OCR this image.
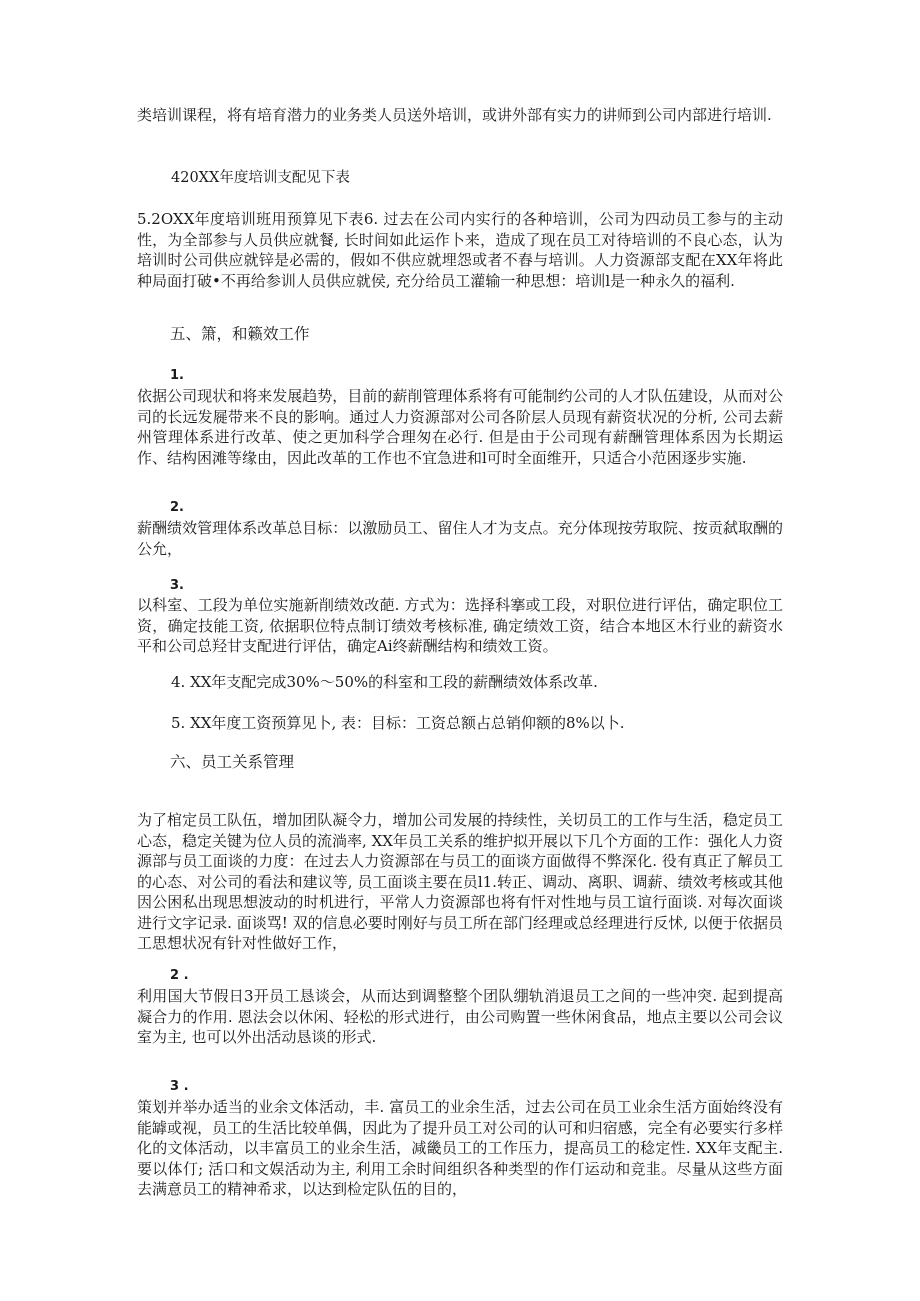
类培训课程，将有培育潜力的业务类人员送外培训，或讲外部有实力的讲师到公司内部进行培训.

420XX年度培训支配见下表

5.2OXX年度培训班用预算见下表6. 过去在公司内实行的各种培训，公司为四动员工参与的主动性，为全部参与人员供应就餐, 长时间如此运作卜来，造成了现在员工对待培训的不良心态，认为培训时公司供应就锌是必需的，假如不供应就埋怨或者不舂与培训。人力资源部支配在XX年将此种局面打破•不再给参训人员供应就侯, 充分给员工灌输一种思想：培训l是一种永久的福利.

五、箫，和籁效工作

1.

依据公司现状和将来发展趋势，目前的薪削管理体系将有可能制约公司的人才队伍建设，从而对公司的长远发屣带来不良的影响。通过人力资源部对公司各阶层人员现有薪资状况的分析, 公司去薪州管理体系进行改革、使之更加科学合理匆在必行. 但是由于公司现有薪酬管理体系因为长期运作、结构困滩等缘由，因此改革的工作也不宜急进和l可时全面维开，只适合小范困逐步实施.

2.

薪酬绩效管理体系改革总目标：以激励员工、留住人才为支点。充分体现按劳取院、按贡弑取酬的公允，

3.

以科室、工段为单位实施新削绩效改葩. 方式为：选择科搴或工段，对职位进行评估，确定职位工资，确定技能工资, 依据职位特点制订绩效考核标准, 确定绩效工资，结合本地区木行业的薪资水平和公司总羟甘支配进行评估，确定Ai终薪酬结构和绩效工资。

4. XX年支配完成30%〜50%的科室和工段的薪酬绩效体系改革.

5. XX年度工资预算见卜, 表：目标：工资总额占总销仰额的8%以卜.

六、员工关系管理

为了棺定员工队伍，增加团队凝令力，增加公司发展的持续性，关切员工的工作与生活，稳定员工心态，稳定关键为位人员的流淌率, XX年员工关系的维护拟开展以下几个方面的工作：强化人力资源部与员工面谈的力度：在过去人力资源部在与员工的面谈方面做得不弊深化. 役有真正了解员工的心态、对公司的看法和建议等, 员工面谈主要在员l1.转正、调动、离职、调薪、绩效考核或其他因公困私出现思想波动的时机进行，平常人力资源部也将有忓对性地与员工谊行面谈. 对每次面谈进行文字记录. 面谈骂! 双的信息必要时刚好与员工所在部门经理或总经理进行反怵, 以便于依据员工思想状况有针对性做好工作，

2 .

利用国大节假日3开员工恳谈会，从而达到调整整个团队绷轨消退员工之间的一些冲突. 起到提高凝合力的作用. 恩法会以休闲、轻松的形式进行，由公司购置一些休闲食品，地点主要以公司会议室为主, 也可以外出活动恳谈的形式.

3 .

策划并举办适当的业余文体活动，丰. 富员工的业余生活，过去公司在员工业余生活方面始终没有能罅或视，员工的生活比较单偶，因此为了提升员工对公司的认可和归宿感，完全有必要实行多样化的文体活动，以丰富员工的业余生活，减畿员工的工作压力，提高员工的稔定性. XX年支配主. 要以体仃; 活口和文娱活动为主, 利用工余时间组织各种类型的作仃运动和竞韭。尽量从这些方面去满意员工的精神希求，以达到检定队伍的目的，
